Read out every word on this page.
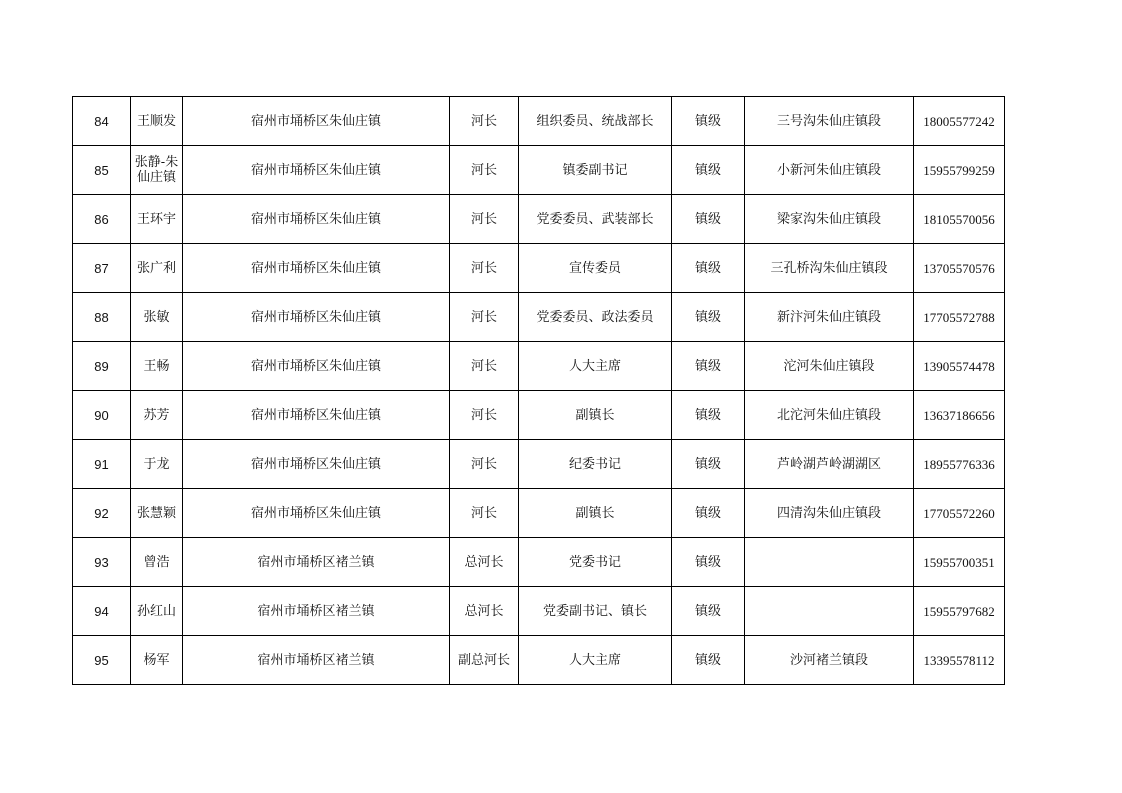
84	王顺发	宿州市埇桥区朱仙庄镇	河长	组织委员、统战部长	镇级	三号沟朱仙庄镇段	18005577242
85	张静-朱仙庄镇	宿州市埇桥区朱仙庄镇	河长	镇委副书记	镇级	小新河朱仙庄镇段	15955799259
86	王环宇	宿州市埇桥区朱仙庄镇	河长	党委委员、武装部长	镇级	梁家沟朱仙庄镇段	18105570056
87	张广利	宿州市埇桥区朱仙庄镇	河长	宣传委员	镇级	三孔桥沟朱仙庄镇段	13705570576
88	张敏	宿州市埇桥区朱仙庄镇	河长	党委委员、政法委员	镇级	新汴河朱仙庄镇段	17705572788
89	王畅	宿州市埇桥区朱仙庄镇	河长	人大主席	镇级	沱河朱仙庄镇段	13905574478
90	苏芳	宿州市埇桥区朱仙庄镇	河长	副镇长	镇级	北沱河朱仙庄镇段	13637186656
91	于龙	宿州市埇桥区朱仙庄镇	河长	纪委书记	镇级	芦岭湖芦岭湖湖区	18955776336
92	张慧颖	宿州市埇桥区朱仙庄镇	河长	副镇长	镇级	四清沟朱仙庄镇段	17705572260
93	曾浩	宿州市埇桥区褚兰镇	总河长	党委书记	镇级		15955700351
94	孙红山	宿州市埇桥区褚兰镇	总河长	党委副书记、镇长	镇级		15955797682
95	杨军	宿州市埇桥区褚兰镇	副总河长	人大主席	镇级	沙河褚兰镇段	13395578112
